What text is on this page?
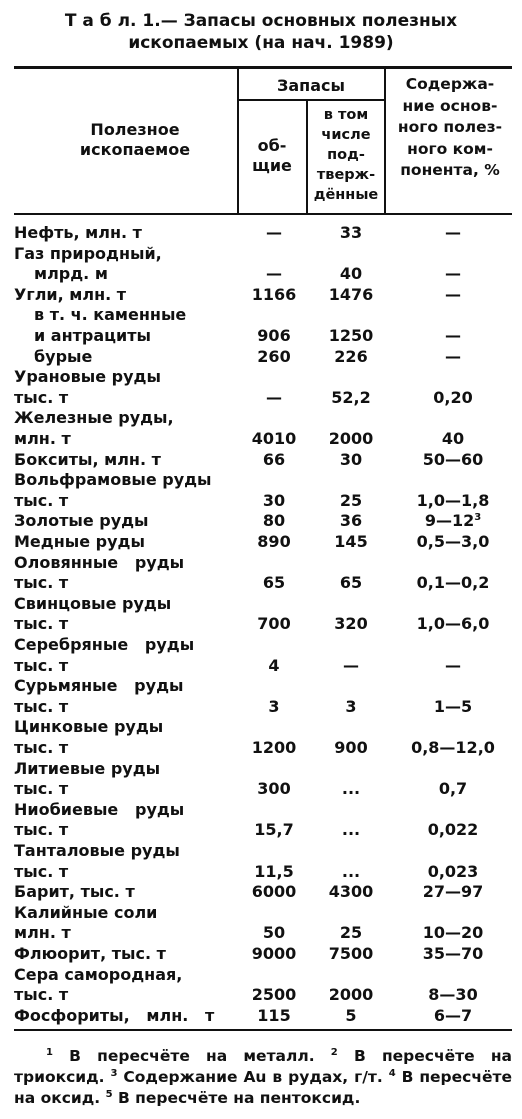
Т а б л. 1.— Запасы основных полезных
ископаемых (на нач. 1989)
Полезное ископаемое
Запасы
об- щие
в том числе под- тверж- дённые
Содержа- ние основ- ного полез- ного ком- понента, %
Нефть, млн. т	—	33	—
Газ природный,
млрд. м	—	40	—
Угли, млн. т	1166	1476	—
в т. ч. каменные
и антрациты	906	1250	—
бурые	260	226	—
Урановые руды
тыс. т	—	52,2	0,20
Железные руды,
млн. т	4010	2000	40
Бокситы, млн. т	66	30	50—60
Вольфрамовые руды
тыс. т	30	25	1,0—1,8
Золотые руды	80	36	$9—12^3$
Медные руды	890	145	0,5—3,0
Оловянные   руды
тыс. т	65	65	0,1—0,2
Свинцовые руды
тыс. т	700	320	1,0—6,0
Серебряные   руды
тыс. т	4	—	—
Сурьмяные   руды
тыс. т	3	3	1—5
Цинковые руды
тыс. т	1200	900	0,8—12,0
Литиевые руды
тыс. т	300	...	0,7
Ниобиевые   руды
тыс. т	15,7	...	0,022
Танталовые руды
тыс. т	11,5	...	0,023
Барит, тыс. т	6000	4300	27—97
Калийные соли
млн. т	50	25	10—20
Флюорит, тыс. т	9000	7500	35—70
Сера самородная,
тыс. т	2500	2000	8—30
Фосфориты,   млн.   т	115	5	6—7
$^1$ В пересчёте на металл. $^2$ В пересчёте на триоксид. $^3$ Содержание Au в рудах, г/т. $^4$ В пересчёте на оксид. $^5$ В пересчёте на пентоксид.
